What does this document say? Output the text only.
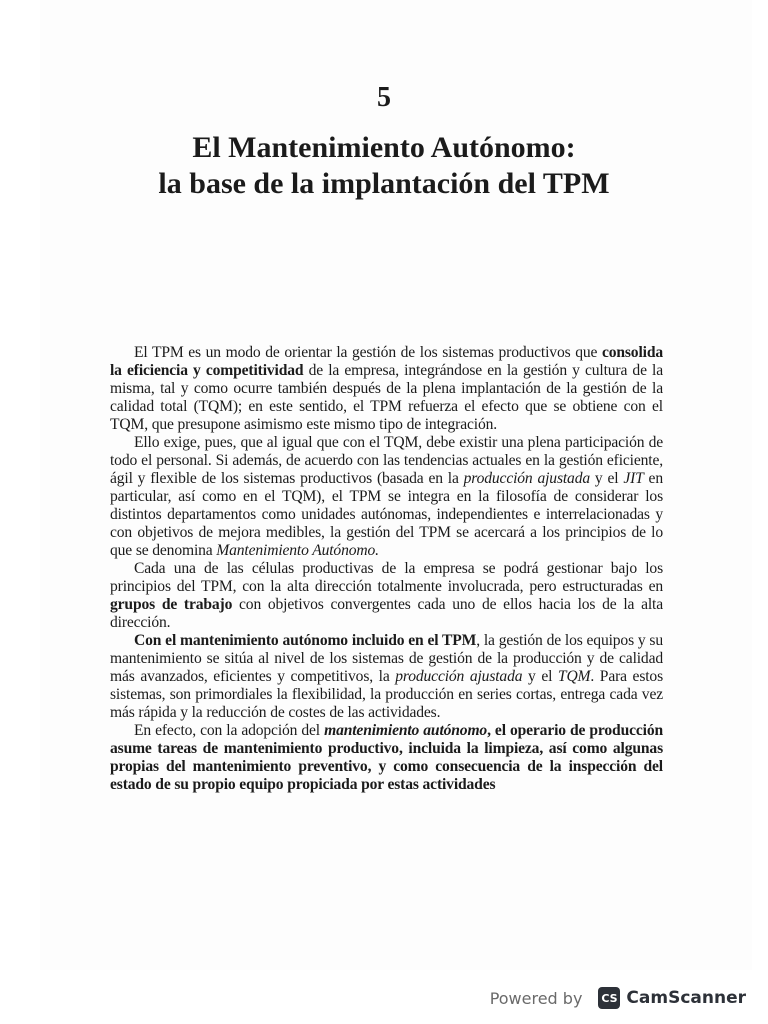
5
El Mantenimiento Autónomo:
la base de la implantación del TPM

El TPM es un modo de orientar la gestión de los sistemas productivos que consolida la eficiencia y competitividad de la empresa, integrándose en la gestión y cultura de la misma, tal y como ocurre también después de la plena implantación de la gestión de la calidad total (TQM); en este sentido, el TPM refuerza el efecto que se obtiene con el TQM, que presupone asimismo este mismo tipo de integración.

Ello exige, pues, que al igual que con el TQM, debe existir una plena participación de todo el personal. Si además, de acuerdo con las tendencias actuales en la gestión eficiente, ágil y flexible de los sistemas productivos (basada en la producción ajustada y el JIT en particular, así como en el TQM), el TPM se integra en la filosofía de considerar los distintos departamentos como unidades autónomas, independientes e interrelacionadas y con objetivos de mejora medibles, la gestión del TPM se acercará a los principios de lo que se denomina Mantenimiento Autónomo.

Cada una de las células productivas de la empresa se podrá gestionar bajo los principios del TPM, con la alta dirección totalmente involucrada, pero estructuradas en grupos de trabajo con objetivos convergentes cada uno de ellos hacia los de la alta dirección.

Con el mantenimiento autónomo incluido en el TPM, la gestión de los equipos y su mantenimiento se sitúa al nivel de los sistemas de gestión de la producción y de calidad más avanzados, eficientes y competitivos, la producción ajustada y el TQM. Para estos sistemas, son primordiales la flexibilidad, la producción en series cortas, entrega cada vez más rápida y la reducción de costes de las actividades.

En efecto, con la adopción del mantenimiento autónomo, el operario de producción asume tareas de mantenimiento productivo, incluida la limpieza, así como algunas propias del mantenimiento preventivo, y como consecuencia de la inspección del estado de su propio equipo propiciada por estas actividades

Powered by CS CamScanner
